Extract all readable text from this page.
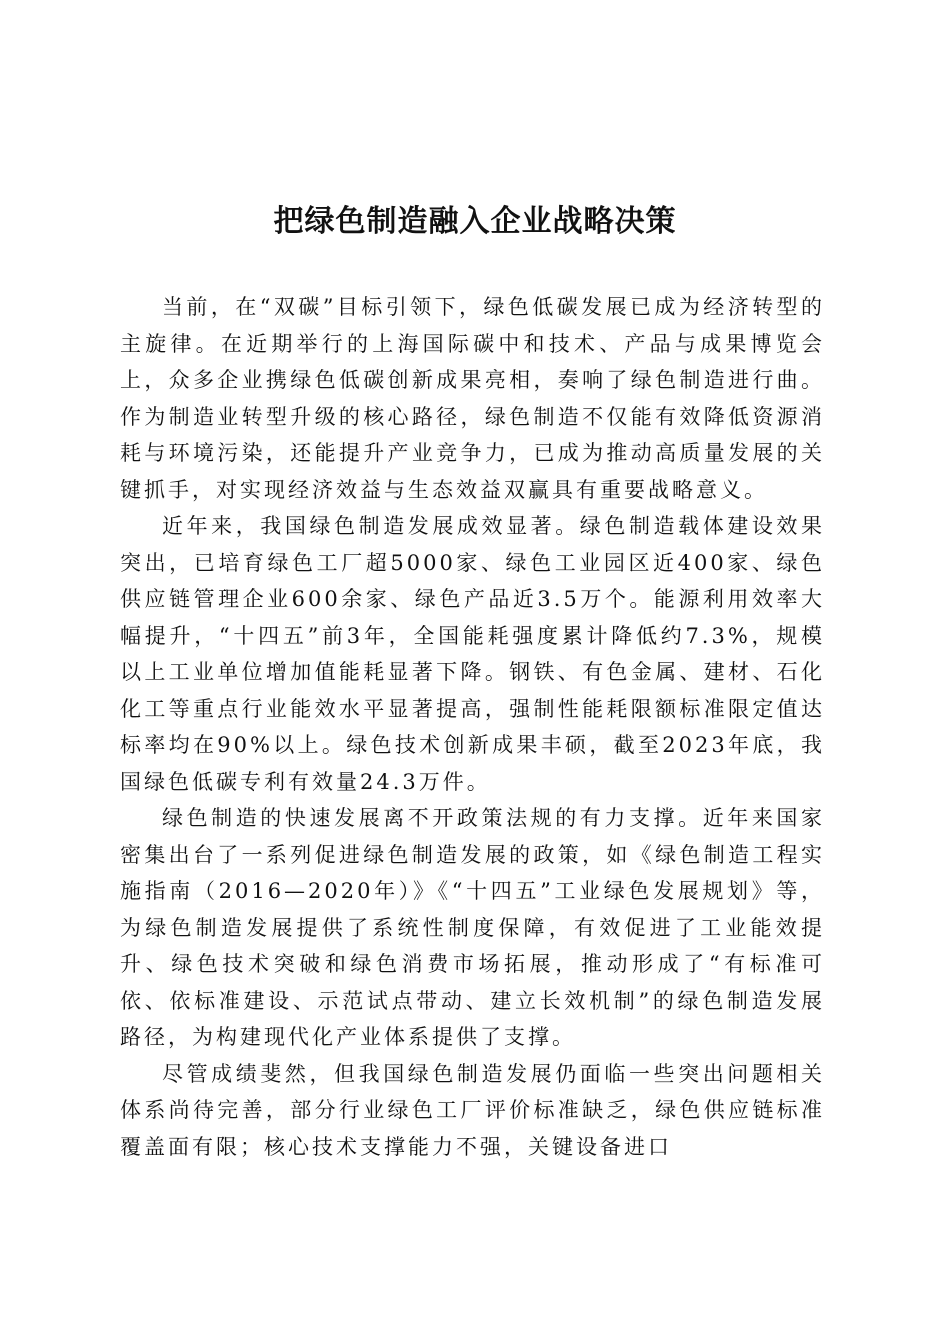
把绿色制造融入企业战略决策

当前，在“双碳”目标引领下，绿色低碳发展已成为经济转型的主旋律。在近期举行的上海国际碳中和技术、产品与成果博览会上，众多企业携绿色低碳创新成果亮相，奏响了绿色制造进行曲。作为制造业转型升级的核心路径，绿色制造不仅能有效降低资源消耗与环境污染，还能提升产业竞争力，已成为推动高质量发展的关键抓手，对实现经济效益与生态效益双赢具有重要战略意义。

近年来，我国绿色制造发展成效显著。绿色制造载体建设效果突出，已培育绿色工厂超5000家、绿色工业园区近400家、绿色供应链管理企业600余家、绿色产品近3.5万个。能源利用效率大幅提升，“十四五”前3年，全国能耗强度累计降低约7.3%，规模以上工业单位增加值能耗显著下降。钢铁、有色金属、建材、石化化工等重点行业能效水平显著提高，强制性能耗限额标准限定值达标率均在90%以上。绿色技术创新成果丰硕，截至2023年底，我国绿色低碳专利有效量24.3万件。

绿色制造的快速发展离不开政策法规的有力支撑。近年来国家密集出台了一系列促进绿色制造发展的政策，如《绿色制造工程实施指南（2016—2020年）》《“十四五”工业绿色发展规划》等，为绿色制造发展提供了系统性制度保障，有效促进了工业能效提升、绿色技术突破和绿色消费市场拓展，推动形成了“有标准可依、依标准建设、示范试点带动、建立长效机制”的绿色制造发展路径，为构建现代化产业体系提供了支撑。

尽管成绩斐然，但我国绿色制造发展仍面临一些突出问题相关体系尚待完善，部分行业绿色工厂评价标准缺乏，绿色供应链标准覆盖面有限；核心技术支撑能力不强，关键设备进口
